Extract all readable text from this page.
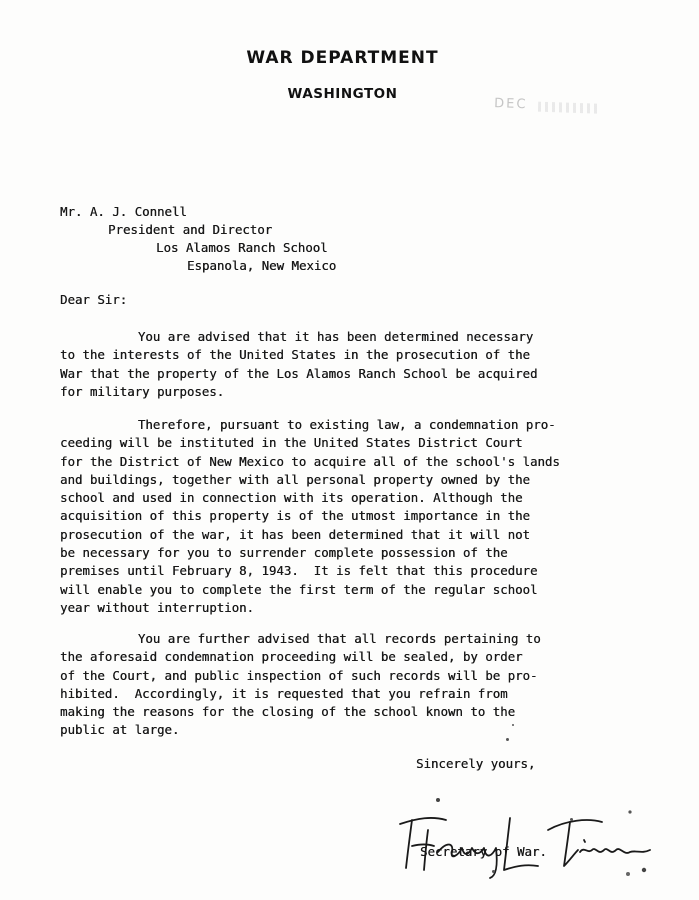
WAR DEPARTMENT
WASHINGTON
DEC
Mr. A. J. Connell
President and Director
Los Alamos Ranch School
Espanola, New Mexico
Dear Sir:
You are advised that it has been determined necessary
to the interests of the United States in the prosecution of the
War that the property of the Los Alamos Ranch School be acquired
for military purposes.
Therefore, pursuant to existing law, a condemnation pro-
ceeding will be instituted in the United States District Court
for the District of New Mexico to acquire all of the school's lands
and buildings, together with all personal property owned by the
school and used in connection with its operation. Although the
acquisition of this property is of the utmost importance in the
prosecution of the war, it has been determined that it will not
be necessary for you to surrender complete possession of the
premises until February 8, 1943.  It is felt that this procedure
will enable you to complete the first term of the regular school
year without interruption.
You are further advised that all records pertaining to
the aforesaid condemnation proceeding will be sealed, by order
of the Court, and public inspection of such records will be pro-
hibited.  Accordingly, it is requested that you refrain from
making the reasons for the closing of the school known to the
public at large.
Sincerely yours,
Secretary of War.
